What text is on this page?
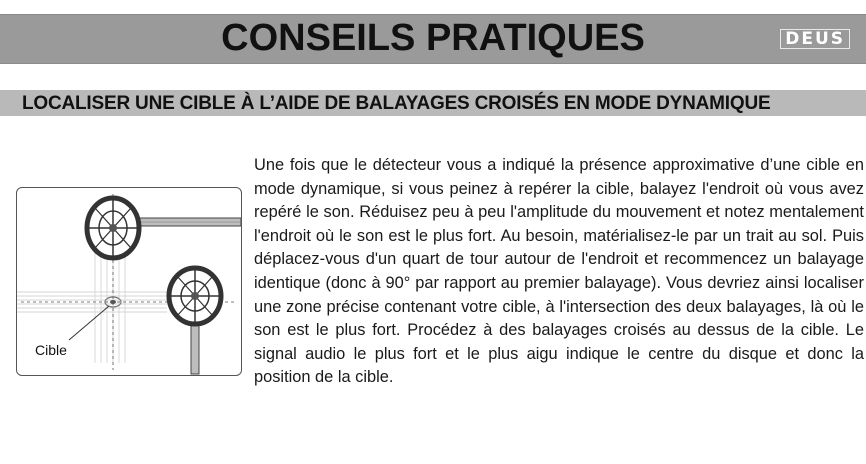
CONSEILS PRATIQUES	DEUS
LOCALISER UNE CIBLE À L’AIDE DE BALAYAGES CROISÉS EN MODE DYNAMIQUE
Cible
Une fois que le détecteur vous a indiqué la présence approximative d’une cible en mode dynamique, si vous peinez à repérer la cible, balayez l'endroit où vous avez repéré le son. Réduisez peu à peu l'amplitude du mouvement et notez mentalement l'endroit où le son est le plus fort. Au besoin, matérialisez-le par un trait au sol. Puis déplacez-vous d'un quart de tour autour de l'endroit et recommencez un balayage identique (donc à 90° par rapport au premier balayage). Vous devriez ainsi localiser une zone précise contenant votre cible, à l'intersection des deux balayages, là où le son est le plus fort. Procédez à des balayages croisés au dessus de la cible. Le signal audio le plus fort et le plus aigu indique le centre du disque et donc la position de la cible.
